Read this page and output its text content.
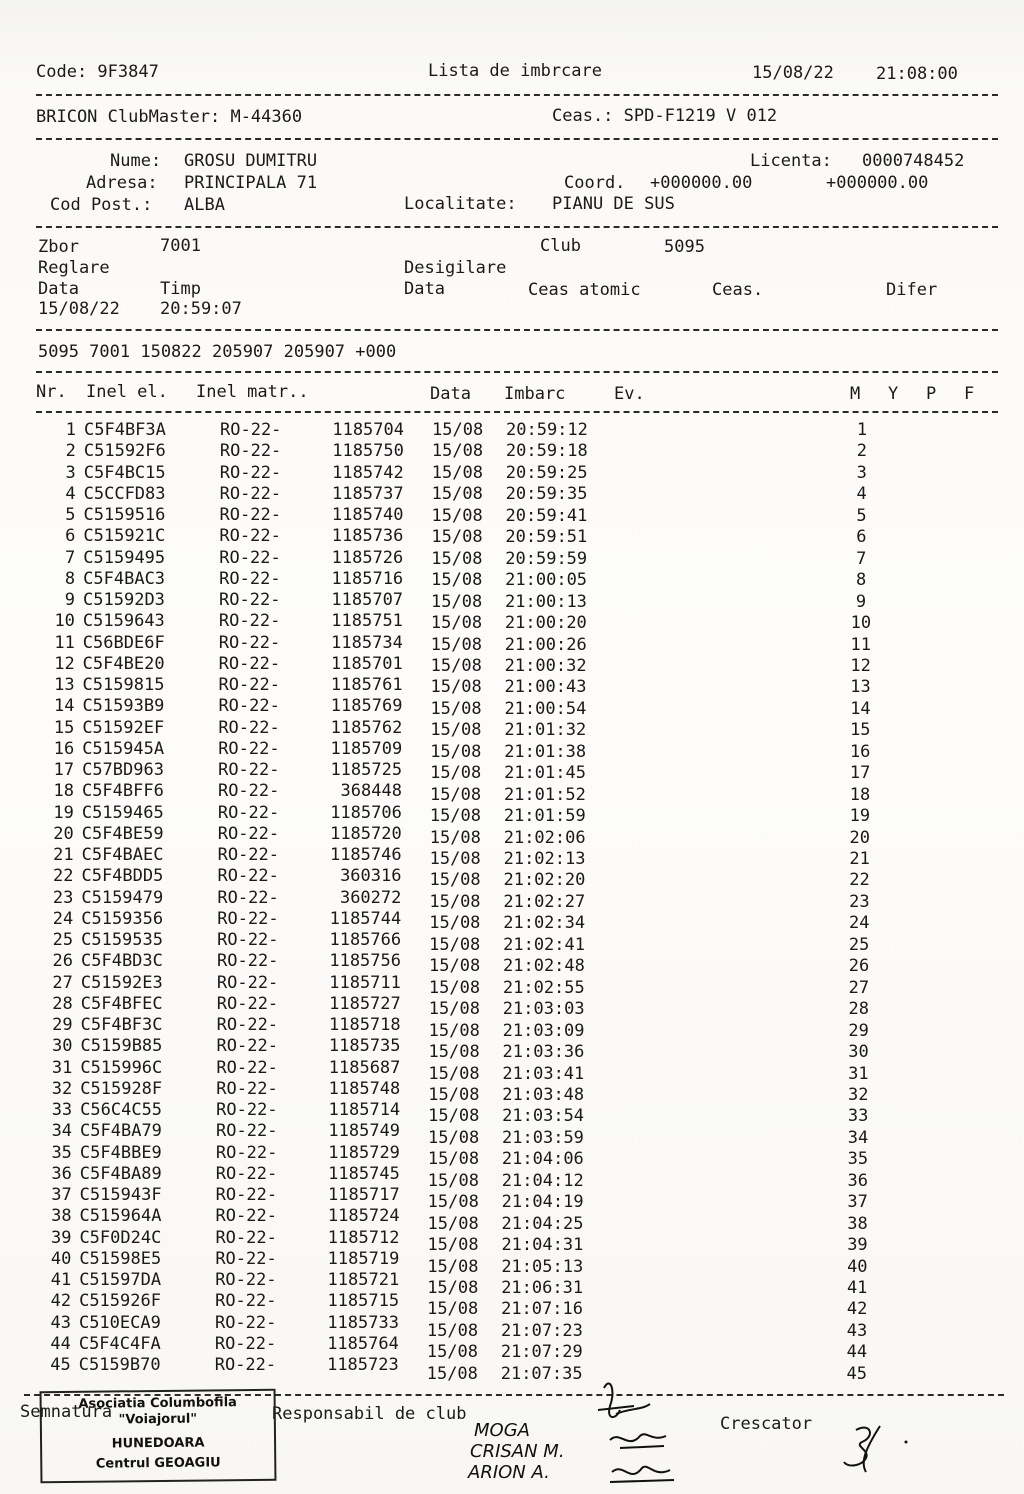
Code: 9F3847	Lista de imbrcare	15/08/22 21:08:00
BRICON ClubMaster: M-44360	Ceas.: SPD-F1219 V 012
Nume: GROSU DUMITRU
Adresa: PRINCIPALA 71
Cod Post.: ALBA
Licenta: 0000748452
Coord. +000000.00	+000000.00
Localitate: PIANU DE SUS
Zbor	7001	Club	5095
Reglare	Desigilare
Data	Timp	Data	Ceas atomic	Ceas.	Difer
15/08/22 20:59:07
5095 7001 150822 205907 205907 +000
Nr. Inel el. Inel matr..	Data Imbarc	Ev.	M Y P F
1 C5F4BF3A	RO-22-	1185704 15/08 20:59:12	1
2 C51592F6	RO-22-	1185750 15/08 20:59:18	2
3 C5F4BC15	RO-22-	1185742 15/08 20:59:25	3
4 C5CCFD83	RO-22-	1185737 15/08 20:59:35	4
5 C5159516	RO-22-	1185740 15/08 20:59:41	5
6 C515921C	RO-22-	1185736 15/08 20:59:51	6
7 C5159495	RO-22-	1185726 15/08 20:59:59	7
8 C5F4BAC3	RO-22-	1185716 15/08 21:00:05	8
9 C51592D3	RO-22-	1185707 15/08 21:00:13	9
10 C5159643	RO-22-	1185751 15/08 21:00:20	10
11 C56BDE6F	RO-22-	1185734 15/08 21:00:26	11
12 C5F4BE20	RO-22-	1185701 15/08 21:00:32	12
13 C5159815	RO-22-	1185761 15/08 21:00:43	13
14 C51593B9	RO-22-	1185769 15/08 21:00:54	14
15 C51592EF	RO-22-	1185762 15/08 21:01:32	15
16 C515945A	RO-22-	1185709 15/08 21:01:38	16
17 C57BD963	RO-22-	1185725 15/08 21:01:45	17
18 C5F4BFF6	RO-22-	368448 15/08 21:01:52	18
19 C5159465	RO-22-	1185706 15/08 21:01:59	19
20 C5F4BE59	RO-22-	1185720 15/08 21:02:06	20
21 C5F4BAEC	RO-22-	1185746 15/08 21:02:13	21
22 C5F4BDD5	RO-22-	360316 15/08 21:02:20	22
23 C5159479	RO-22-	360272 15/08 21:02:27	23
24 C5159356	RO-22-	1185744 15/08 21:02:34	24
25 C5159535	RO-22-	1185766 15/08 21:02:41	25
26 C5F4BD3C	RO-22-	1185756 15/08 21:02:48	26
27 C51592E3	RO-22-	1185711 15/08 21:02:55	27
28 C5F4BFEC	RO-22-	1185727 15/08 21:03:03	28
29 C5F4BF3C	RO-22-	1185718 15/08 21:03:09	29
30 C5159B85	RO-22-	1185735 15/08 21:03:36	30
31 C515996C	RO-22-	1185687 15/08 21:03:41	31
32 C515928F	RO-22-	1185748 15/08 21:03:48	32
33 C56C4C55	RO-22-	1185714 15/08 21:03:54	33
34 C5F4BA79	RO-22-	1185749 15/08 21:03:59	34
35 C5F4BBE9	RO-22-	1185729 15/08 21:04:06	35
36 C5F4BA89	RO-22-	1185745 15/08 21:04:12	36
37 C515943F	RO-22-	1185717 15/08 21:04:19	37
38 C515964A	RO-22-	1185724 15/08 21:04:25	38
39 C5F0D24C	RO-22-	1185712 15/08 21:04:31	39
40 C51598E5	RO-22-	1185719 15/08 21:05:13	40
41 C51597DA	RO-22-	1185721 15/08 21:06:31	41
42 C515926F	RO-22-	1185715 15/08 21:07:16	42
43 C510ECA9	RO-22-	1185733 15/08 21:07:23	43
44 C5F4C4FA	RO-22-	1185764 15/08 21:07:29	44
45 C5159B70	RO-22-	1185723 15/08 21:07:35	45
Semnatura	Responsabil de club	Crescator
Asociatia Columbofila
"Voiajorul"
HUNEDOARA
Centrul GEOAGIU
MOGA
CRISAN M.
ARION A.
